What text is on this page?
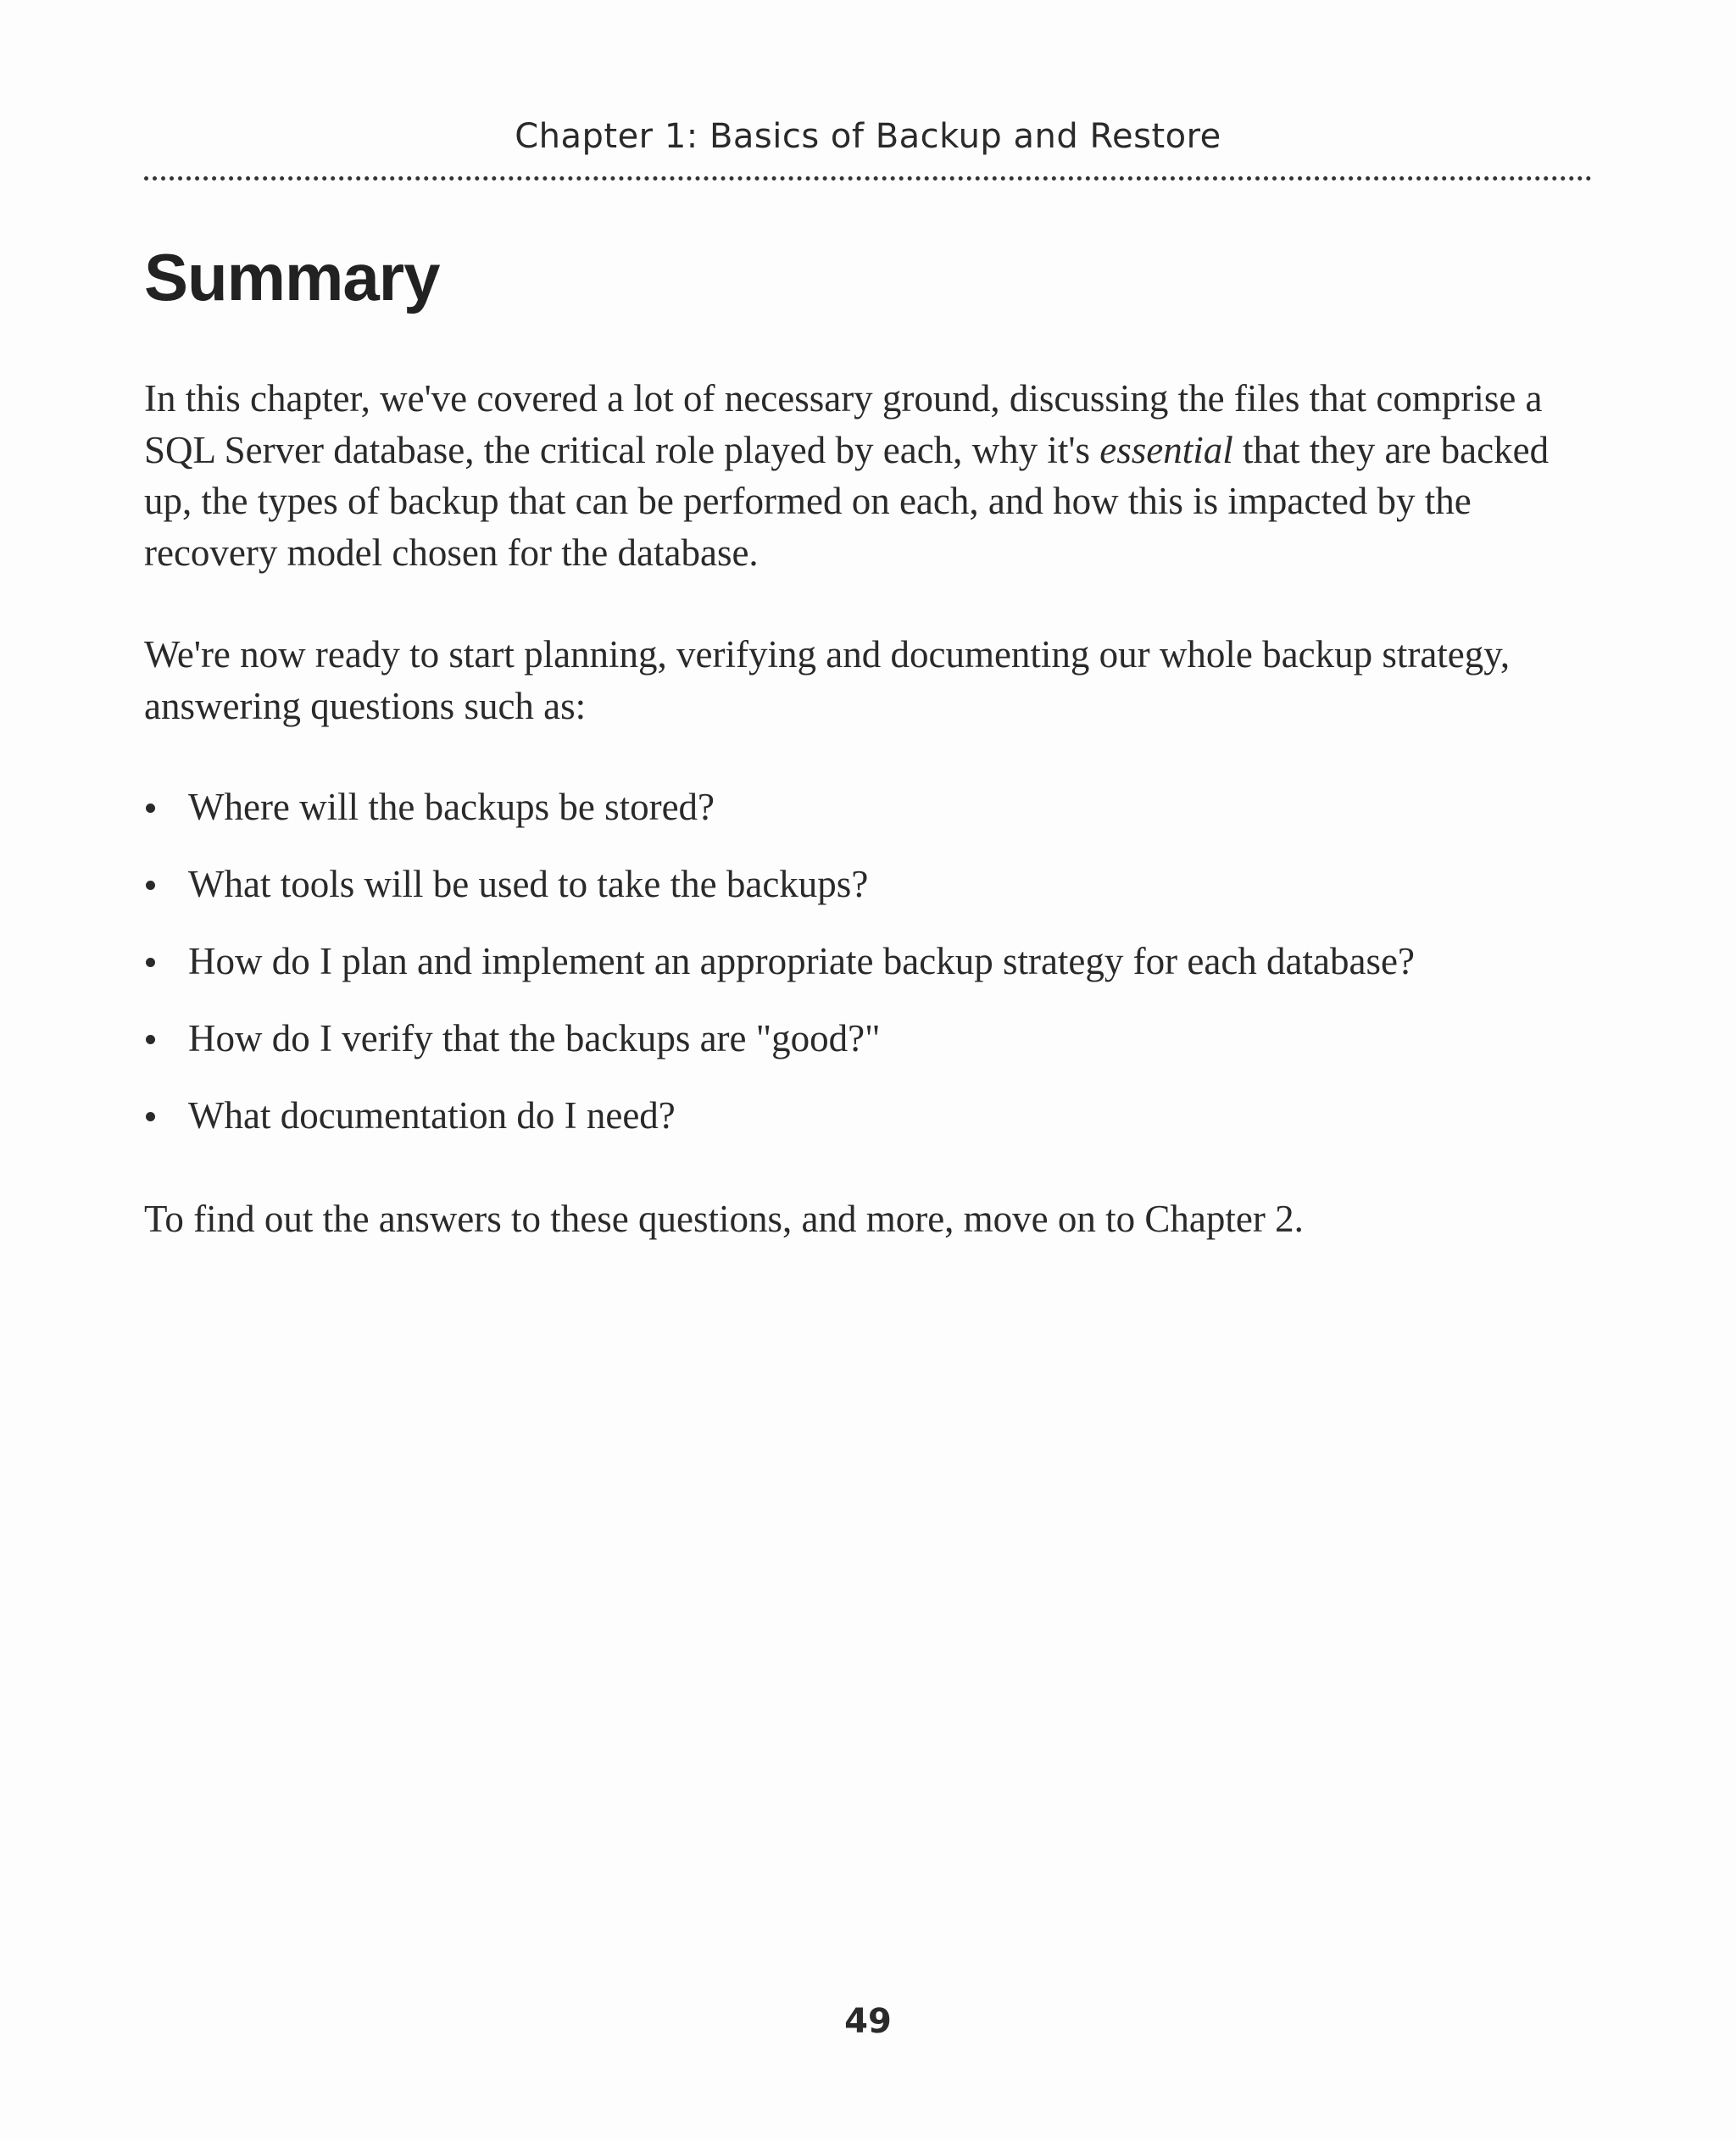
Chapter 1: Basics of Backup and Restore
Summary

In this chapter, we've covered a lot of necessary ground, discussing the files that comprise a SQL Server database, the critical role played by each, why it's essential that they are backed up, the types of backup that can be performed on each, and how this is impacted by the recovery model chosen for the database.

We're now ready to start planning, verifying and documenting our whole backup strategy, answering questions such as:

Where will the backups be stored?
What tools will be used to take the backups?
How do I plan and implement an appropriate backup strategy for each database?
How do I verify that the backups are "good?"
What documentation do I need?

To find out the answers to these questions, and more, move on to Chapter 2.

49
